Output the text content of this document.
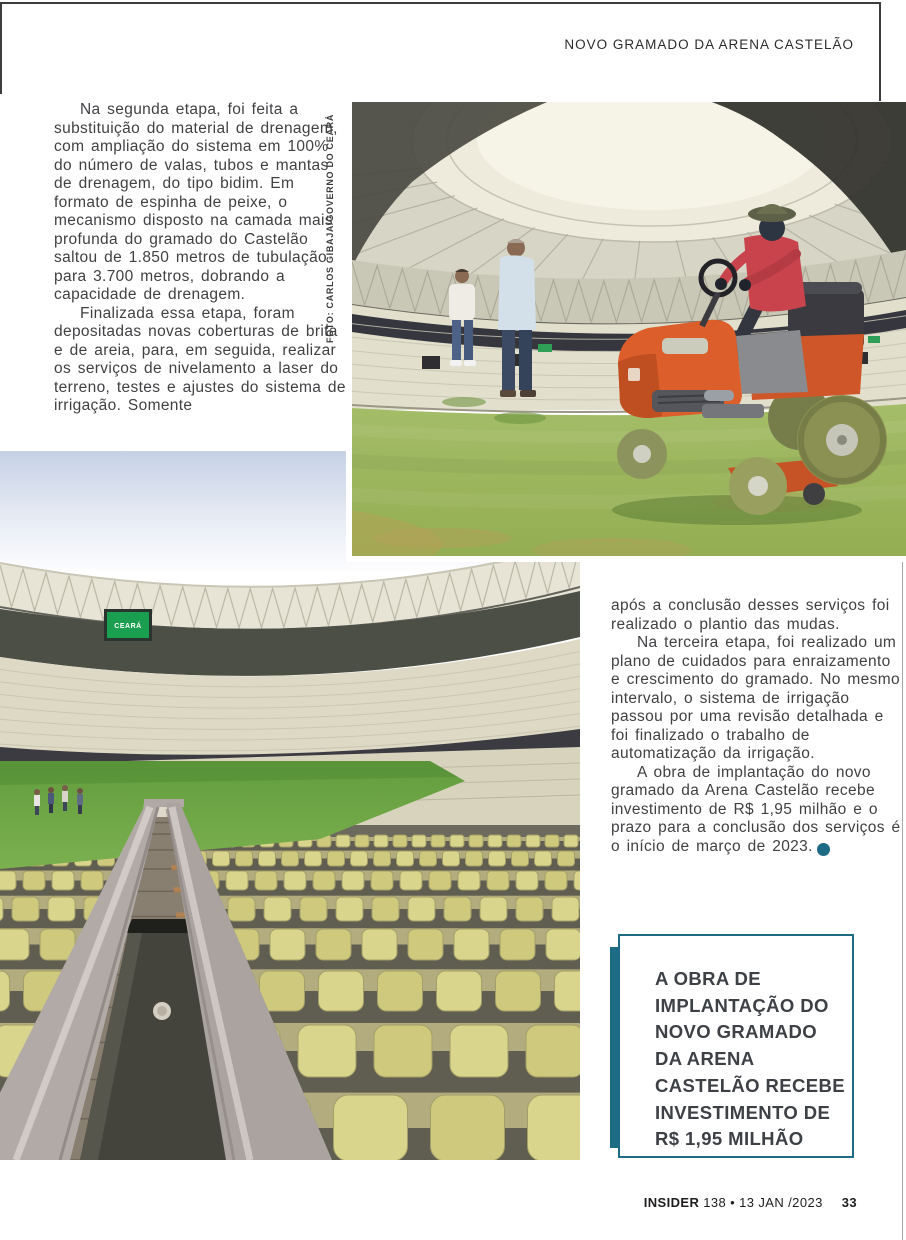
NOVO GRAMADO DA ARENA CASTELÃO
CEARÁ

Na segunda etapa, foi feita a substituição do material de drenagem, com ampliação do sistema em 100% do número de valas, tubos e mantas de drenagem, do tipo bidim. Em formato de espinha de peixe, o mecanismo disposto na camada mais profunda do gramado do Castelão saltou de 1.850 metros de tubulação para 3.700 metros, dobrando a capacidade de drenagem.

Finalizada essa etapa, foram depositadas novas coberturas de brita e de areia, para, em seguida, realizar os serviços de nivelamento a laser do terreno, testes e ajustes do sistema de irrigação. Somente

FOTO: CARLOS GIBAJA/GOVERNO DO CEARÁ

após a conclusão desses serviços foi realizado o plantio das mudas.

Na terceira etapa, foi realizado um plano de cuidados para enraizamento e crescimento do gramado. No mesmo intervalo, o sistema de irrigação passou por uma revisão detalhada e foi finalizado o trabalho de automatização da irrigação.

A obra de implantação do novo gramado da Arena Castelão recebe investimento de R$ 1,95 milhão e o prazo para a conclusão dos serviços é o início de março de 2023.	✱

A OBRA DE
IMPLANTAÇÃO DO
NOVO GRAMADO
DA ARENA
CASTELÃO RECEBE
INVESTIMENTO DE
R$ 1,95 MILHÃO
INSIDER 138 • 13 JAN /2023 33
